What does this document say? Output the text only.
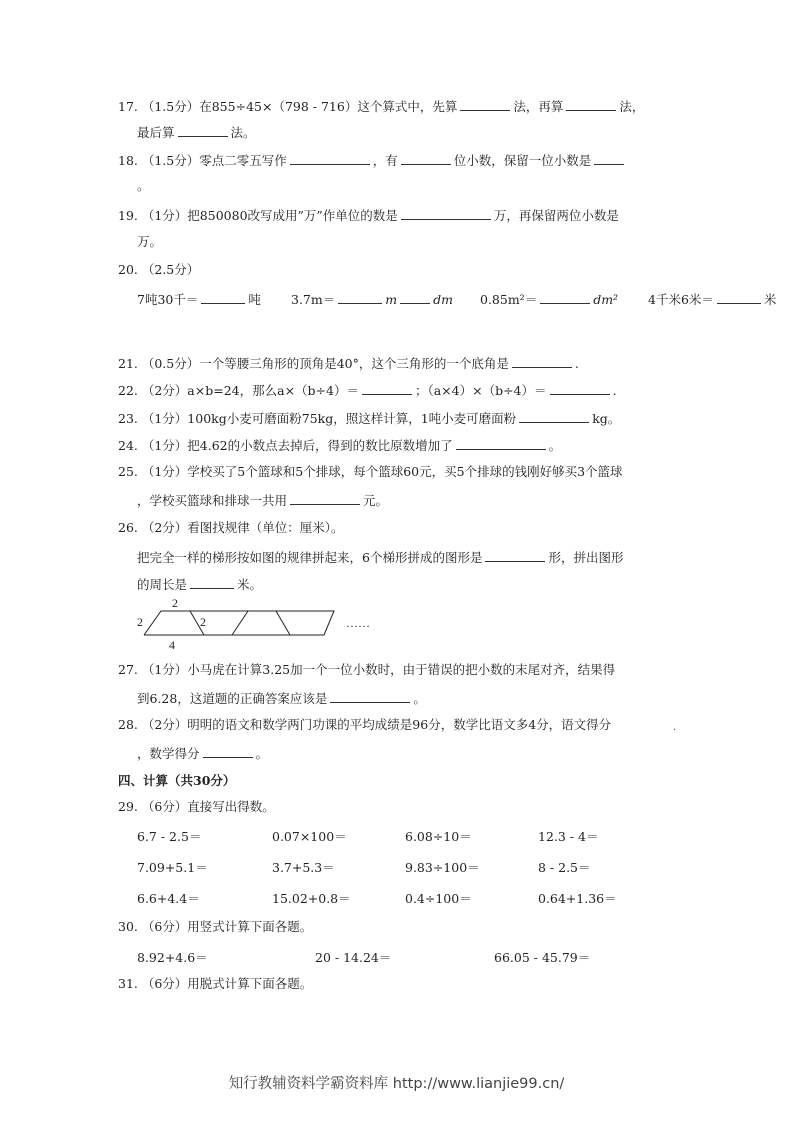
17. （1.5分）在855÷45×（798 - 716）这个算式中，先算	法，再算	法，
最后算	法。
18. （1.5分）零点二零五写作	，有	位小数，保留一位小数是
。
19. （1分）把850080改写成用”万”作单位的数是	万，再保留两位小数是
万。
20. （2.5分）
7吨30千＝	吨 3.7m＝	m	dm 0.85m²＝	dm² 4千米6米＝	米
21. （0.5分）一个等腰三角形的顶角是40°，这个三角形的一个底角是	.
22. （2分）a×b=24，那么a×（b÷4）＝	；（a×4）×（b÷4）＝	.
23. （1分）100kg小麦可磨面粉75kg，照这样计算，1吨小麦可磨面粉	kg。
24. （1分）把4.62的小数点去掉后，得到的数比原数增加了	。
25. （1分）学校买了5个篮球和5个排球，每个篮球60元，买5个排球的钱刚好够买3个篮球
，学校买篮球和排球一共用	元。
26. （2分）看图找规律（单位：厘米）。
把完全一样的梯形按如图的规律拼起来，6个梯形拼成的图形是	形，拼出图形
的周长是	米。
2
2	2
4
……
27. （1分）小马虎在计算3.25加一个一位小数时，由于错误的把小数的末尾对齐，结果得
到6.28，这道题的正确答案应该是	。
28. （2分）明明的语文和数学两门功课的平均成绩是96分，数学比语文多4分，语文得分	.
，数学得分	。
四、计算（共30分）
29. （6分）直接写出得数。
6.7 - 2.5＝	0.07×100＝	6.08÷10＝	12.3 - 4＝
7.09+5.1＝	3.7+5.3＝	9.83÷100＝	8 - 2.5＝
6.6+4.4＝	15.02+0.8＝	0.4÷100＝	0.64+1.36＝
30. （6分）用竖式计算下面各题。
8.92+4.6＝	20 - 14.24＝	66.05 - 45.79＝
31. （6分）用脱式计算下面各题。
知行教辅资料学霸资料库 http://www.lianjie99.cn/
